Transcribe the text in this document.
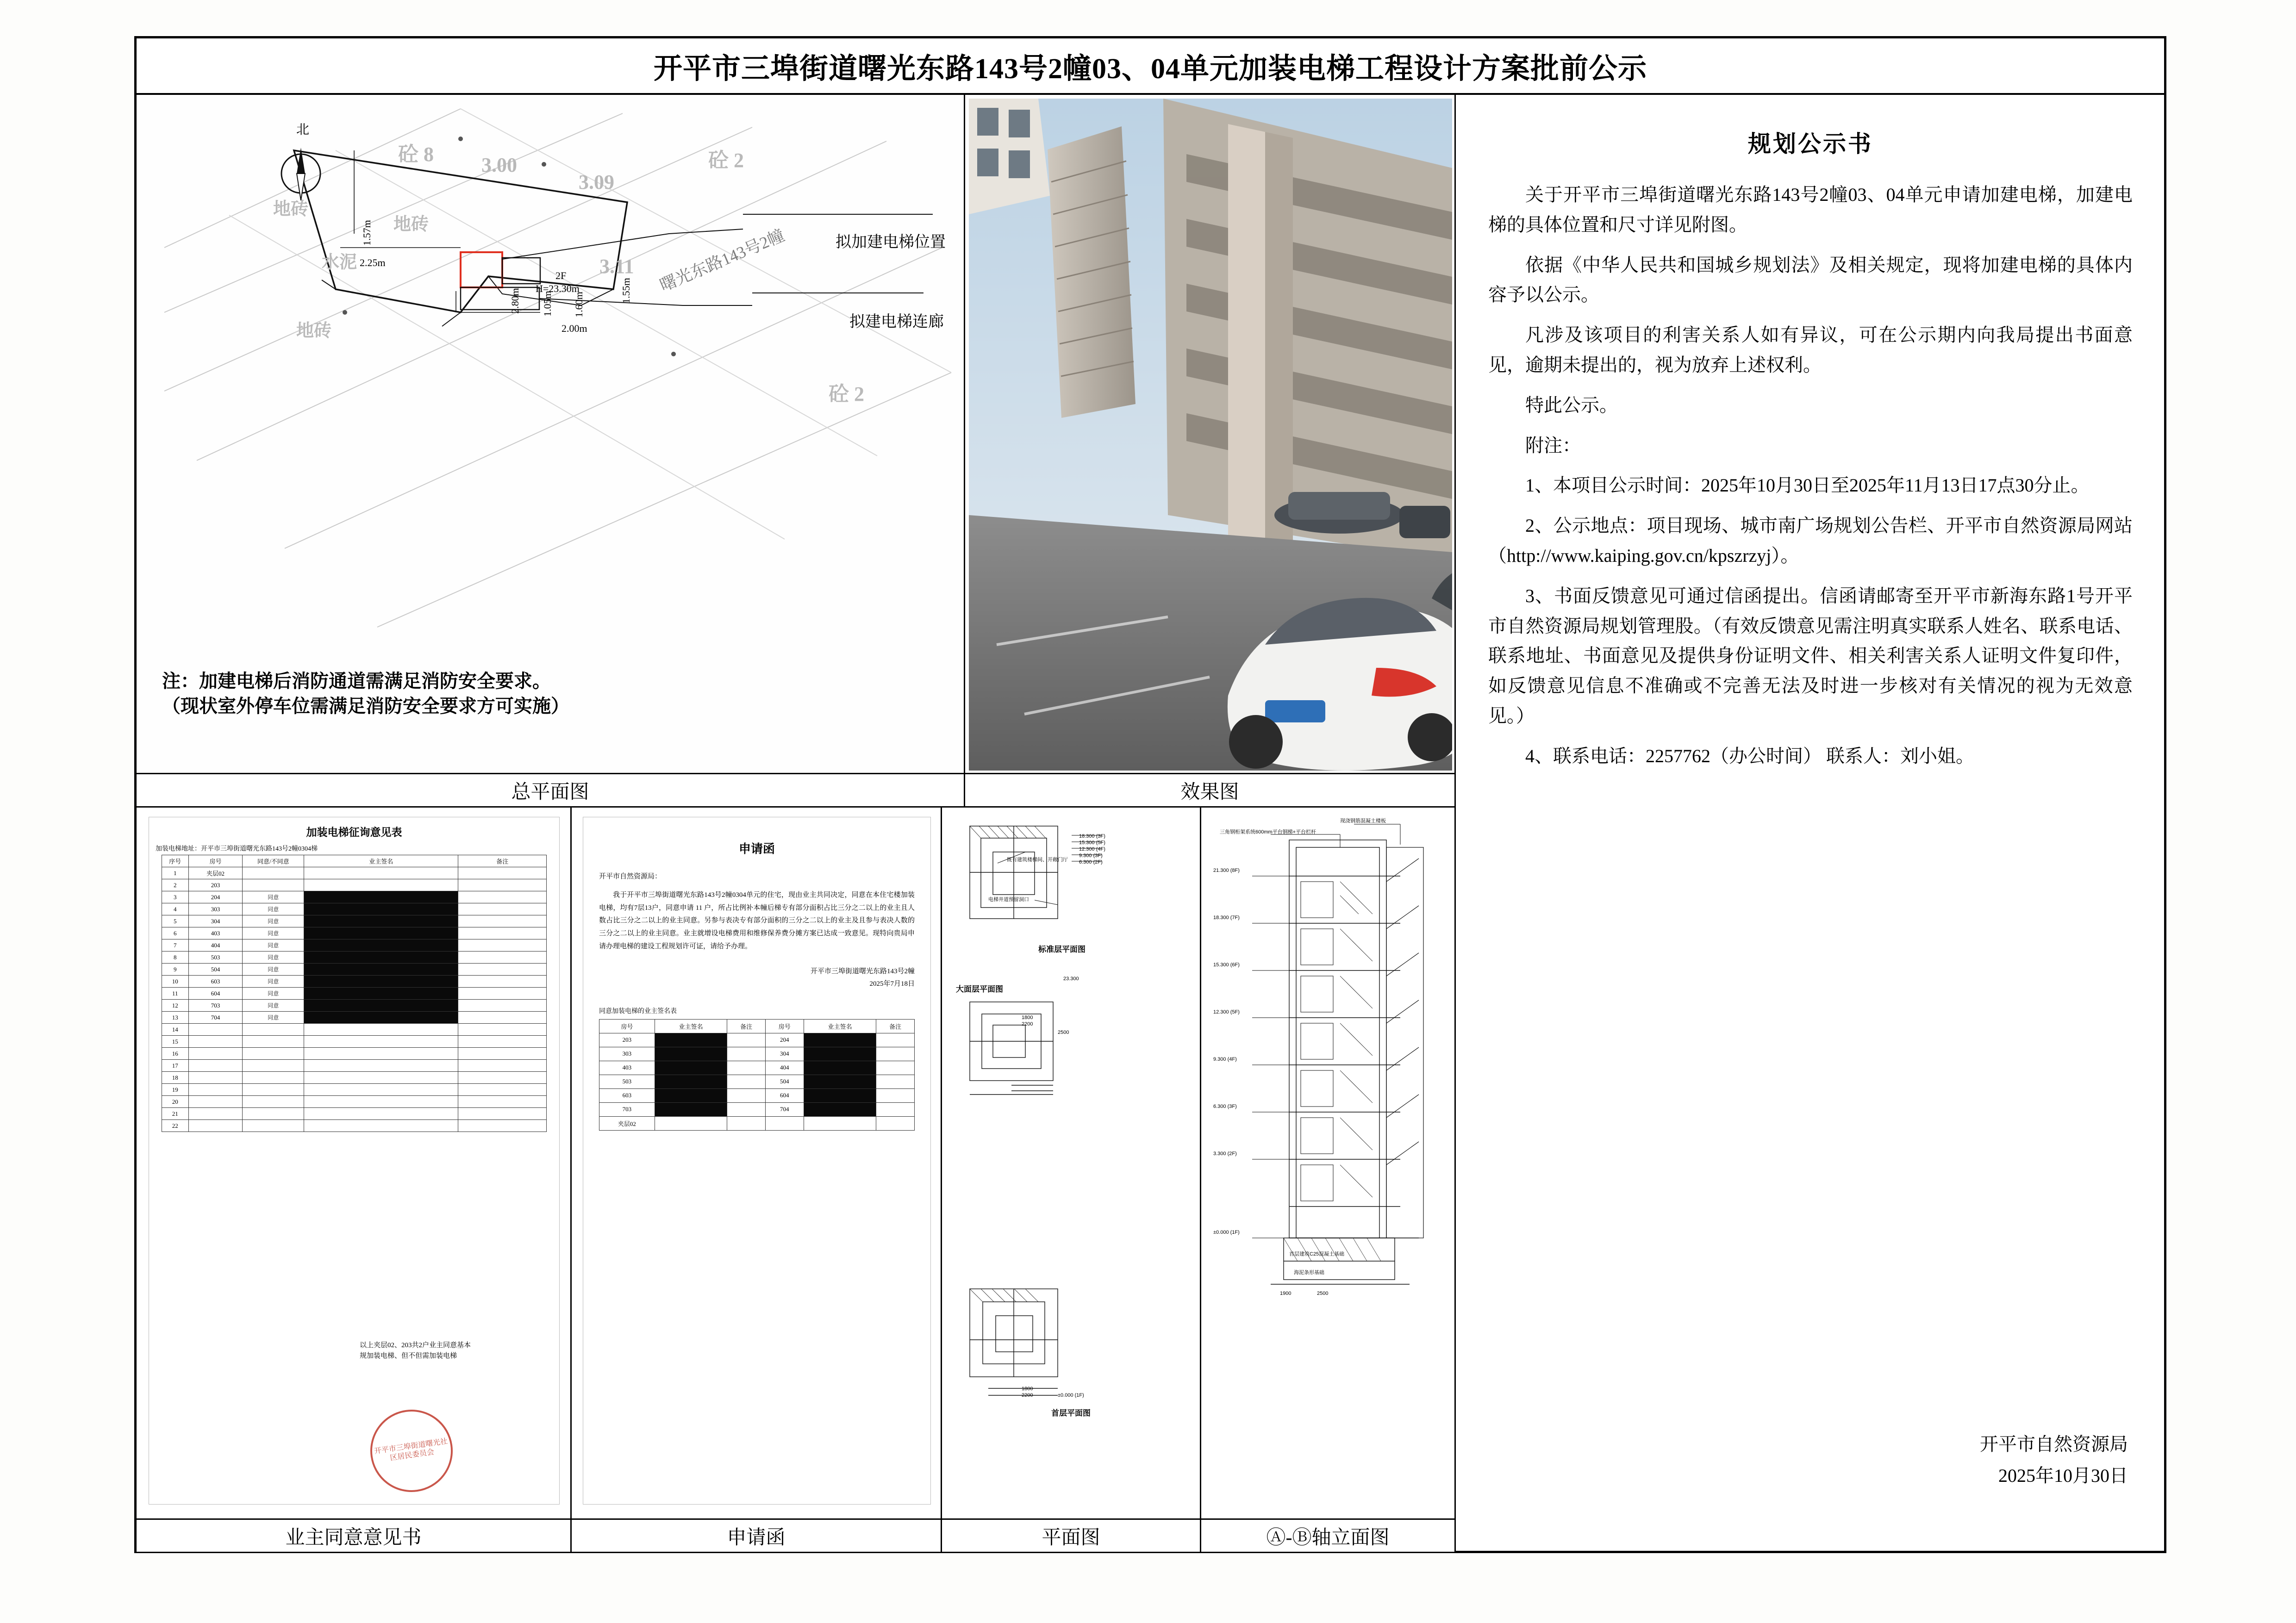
开平市三埠街道曙光东路143号2幢03、04单元加装电梯工程设计方案批前公示
北
砼 8 3.00
3.09
砼 2
地砖
地砖
水泥	3.11
地砖
砼 2
曙光东路143号2幢
1.57m
2.25m
2F
H=23.30m	1.55m
2.80m 1.05m 1.60m
2.00m
拟加建电梯位置
拟建电梯连廊
注：加建电梯后消防通道需满足消防安全要求。
（现状室外停车位需满足消防安全要求方可实施）
总平面图	效果图
规划公示书

关于开平市三埠街道曙光东路143号2幢03、04单元申请加建电梯，加建电梯的具体位置和尺寸详见附图。

依据《中华人民共和国城乡规划法》及相关规定，现将加建电梯的具体内容予以公示。

凡涉及该项目的利害关系人如有异议，可在公示期内向我局提出书面意见，逾期未提出的，视为放弃上述权利。

特此公示。

附注：

1、本项目公示时间：2025年10月30日至2025年11月13日17点30分止。

2、公示地点：项目现场、城市南广场规划公告栏、开平市自然资源局网站（http://www.kaiping.gov.cn/kpszrzyj）。

3、书面反馈意见可通过信函提出。信函请邮寄至开平市新海东路1号开平市自然资源局规划管理股。（有效反馈意见需注明真实联系人姓名、联系电话、联系地址、书面意见及提供身份证明文件、相关利害关系人证明文件复印件，如反馈意见信息不准确或不完善无法及时进一步核对有关情况的视为无效意见。）

4、联系电话：2257762（办公时间） 联系人：刘小姐。

开平市自然资源局
2025年10月30日
加装电梯征询意见表
加装电梯地址：开平市三埠街道曙光东路143号2幢0304梯
序号	房号	同意/不同意	业主签名	备注
1	夹层02			
2	203			
3	204	同意		
4	303	同意		
5	304	同意		
6	403	同意		
7	404	同意		
8	503	同意		
9	504	同意		
10	603	同意		
11	604	同意		
12	703	同意		
13	704	同意		
14				
15				
16				
17				
18				
19				
20				
21				
22				
以上夹层02、203共2户业主同意基本规加装电梯、但不但需加装电梯
开平市三埠街道曙光社区居民委员会
业主同意意见书
申请函

开平市自然资源局：

我于开平市三埠街道曙光东路143号2幢0304单元的住宅，现由业主共同决定，同意在本住宅楼加装电梯，均有7层13户，同意申请 11 户，所占比例补本幢后梯专有部分面积占比三分之二以上的业主且人数占比三分之二以上的业主同意。另参与表决专有部分面积的三分之二以上的业主及且参与表决人数的三分之二以上的业主同意。业主就增设电梯费用和维修保养费分摊方案已达成一致意见。现特向贵局申请办理电梯的建设工程规划许可证，请给予办理。

开平市三埠街道曙光东路143号2幢
2025年7月18日
同意加装电梯的业主签名表
房号	业主签名	备注	房号	业主签名	备注
203			204		
303			304		
403			404		
503			504		
603			604		
703			704		
夹层02					
申请函
既有建筑楼梯间、开敞门厅
电梯井道预留洞口
18.300 (3F)
15.300 (5F)
12.300 (4F)
9.300 (3F)
6.300 (2F)
标准层平面图
大面层平面图
23.300
1800
2200
2500
±0.000 (1F)
1800
2200
首层平面图
平面图
三角钢桁架系统600mm平台钢梯+平台栏杆
现浇钢筋混凝土楼板
21.300 (8F)
18.300 (7F)
15.300 (6F)
12.300 (5F)
9.300 (4F)
6.300 (3F)
3.300 (2F)
±0.000 (1F)
首层建筑C25混凝土基础
海泥条形基础
1900	2500
Ⓐ-Ⓑ轴立面图
